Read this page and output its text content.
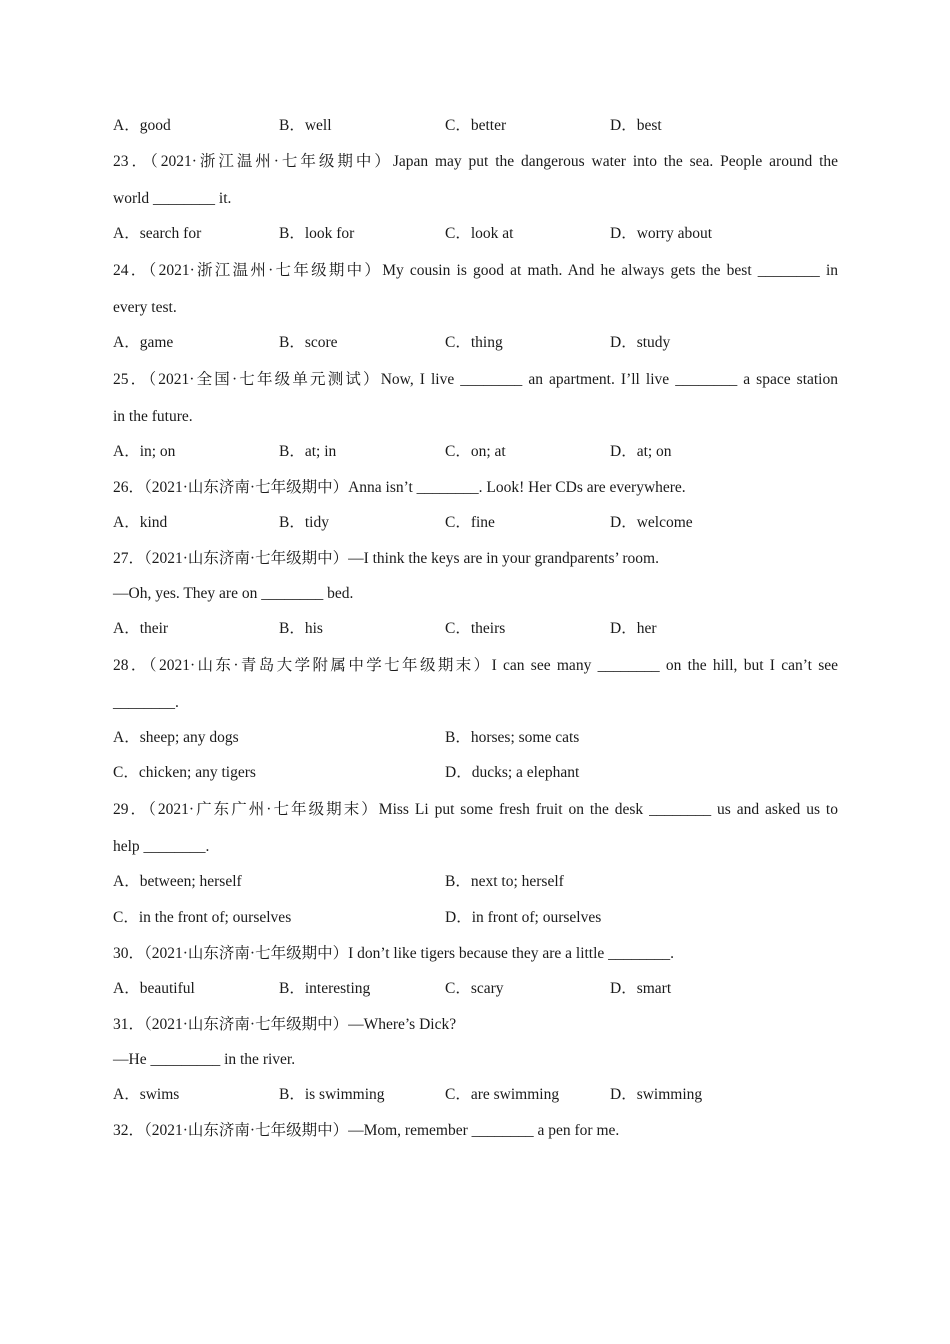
A．good	B．well	C．better	D．best
23．（2021·浙江温州·七年级期中）Japan may put the dangerous water into the sea. People around the
world ________ it.
A．search for	B．look for	C．look at	D．worry about
24．（2021·浙江温州·七年级期中）My cousin is good at math. And he always gets the best ________ in
every test.
A．game	B．score	C．thing	D．study
25．（2021·全国·七年级单元测试）Now, I live ________ an apartment. I’ll live ________ a space station
in the future.
A．in; on	B．at; in	C．on; at	D．at; on
26．（2021·山东济南·七年级期中）Anna isn’t ________. Look! Her CDs are everywhere.
A．kind	B．tidy	C．fine	D．welcome
27．（2021·山东济南·七年级期中）—I think the keys are in your grandparents’ room.
—Oh, yes. They are on ________ bed.
A．their	B．his	C．theirs	D．her
28．（2021·山东·青岛大学附属中学七年级期末）I can see many ________ on the hill, but I can’t see
________.
A．sheep; any dogs	B．horses; some cats
C．chicken; any tigers	D．ducks; a elephant
29．（2021·广东广州·七年级期末）Miss Li put some fresh fruit on the desk ________ us and asked us to
help ________.
A．between; herself	B．next to; herself
C．in the front of; ourselves	D．in front of; ourselves
30．（2021·山东济南·七年级期中）I don’t like tigers because they are a little ________.
A．beautiful	B．interesting	C．scary	D．smart
31．（2021·山东济南·七年级期中）—Where’s Dick?
—He _________ in the river.
A．swims	B．is swimming	C．are swimming	D．swimming
32．（2021·山东济南·七年级期中）—Mom, remember ________ a pen for me.
